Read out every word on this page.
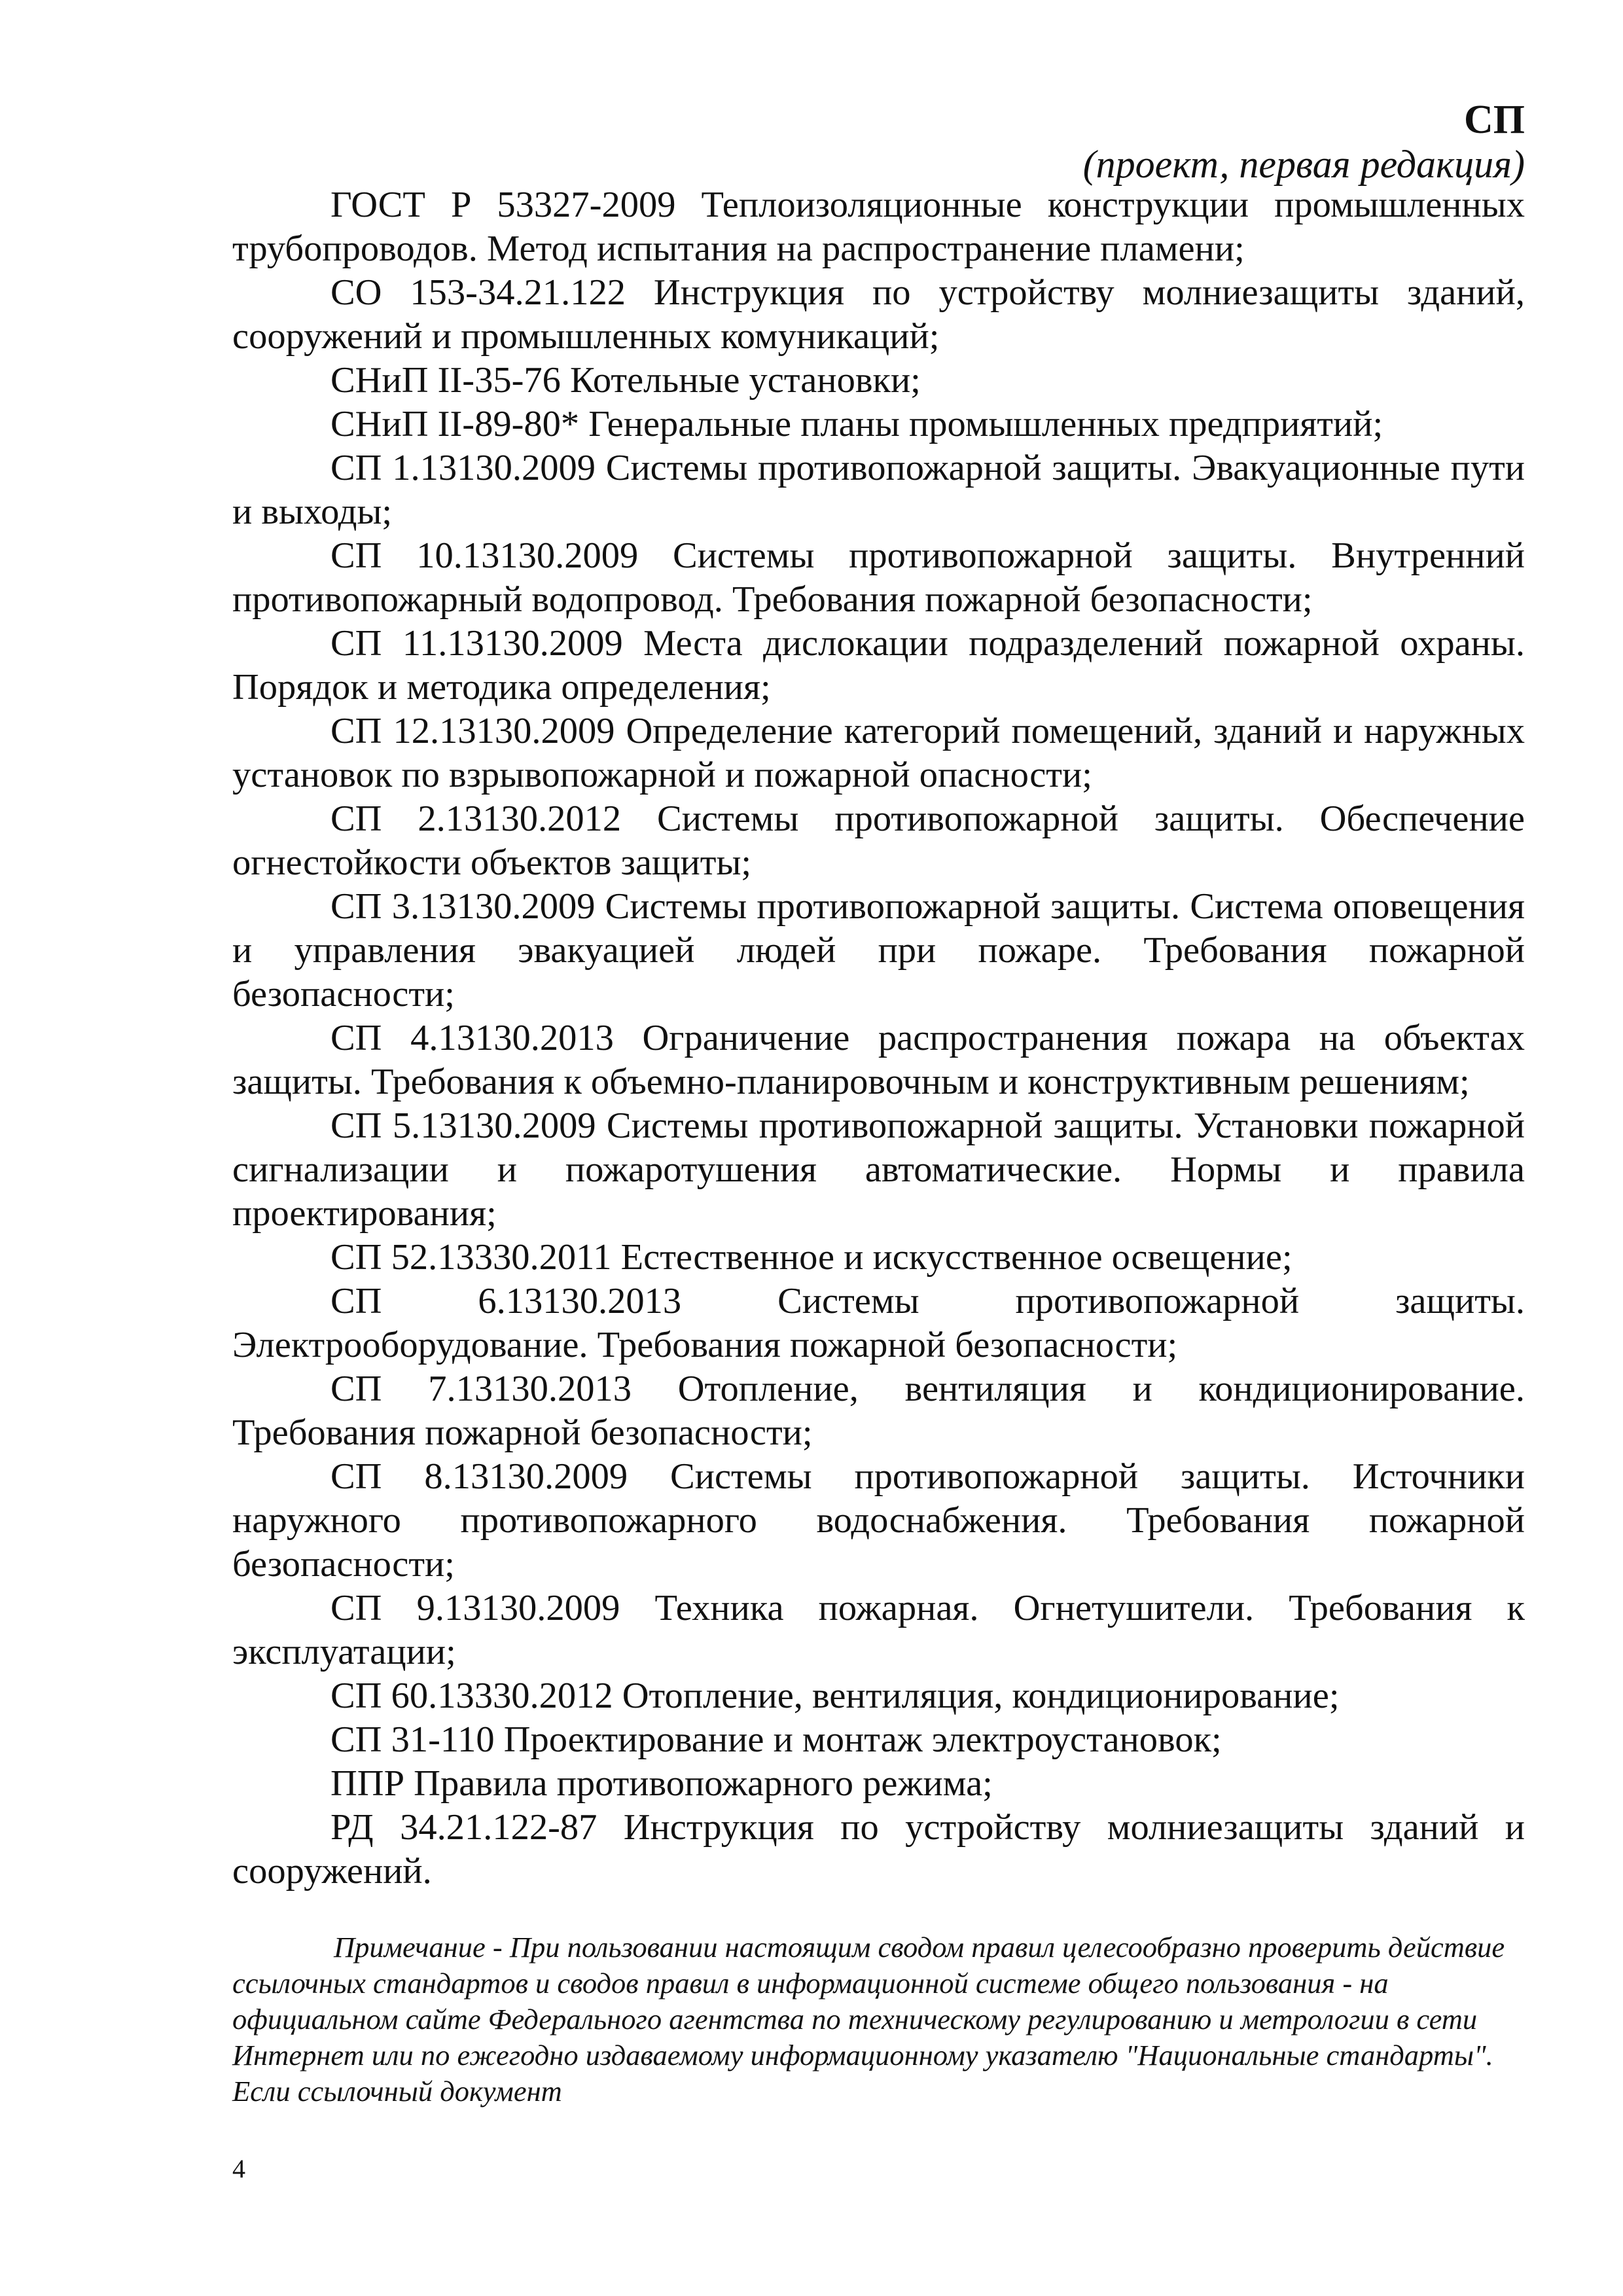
СП
(проект, первая редакция)
ГОСТ Р 53327-2009 Теплоизоляционные конструкции промышленных трубопроводов. Метод испытания на распространение пламени;
СО 153-34.21.122 Инструкция по устройству молниезащиты зданий, сооружений и промышленных комуникаций;
СНиП II-35-76 Котельные установки;
СНиП II-89-80* Генеральные планы промышленных предприятий;
СП 1.13130.2009 Системы противопожарной защиты. Эвакуационные пути и выходы;
СП 10.13130.2009 Системы противопожарной защиты. Внутренний противопожарный водопровод. Требования пожарной безопасности;
СП 11.13130.2009 Места дислокации подразделений пожарной охраны. Порядок и методика определения;
СП 12.13130.2009 Определение категорий помещений, зданий и наружных установок по взрывопожарной и пожарной опасности;
СП 2.13130.2012 Системы противопожарной защиты. Обеспечение огнестойкости объектов защиты;
СП 3.13130.2009 Системы противопожарной защиты. Система оповещения и управления эвакуацией людей при пожаре. Требования пожарной безопасности;
СП 4.13130.2013 Ограничение распространения пожара на объектах защиты. Требования к объемно-планировочным и конструктивным решениям;
СП 5.13130.2009 Системы противопожарной защиты. Установки пожарной сигнализации и пожаротушения автоматические. Нормы и правила проектирования;
СП 52.13330.2011 Естественное и искусственное освещение;
СП 6.13130.2013 Системы противопожарной защиты. Электрооборудование. Требования пожарной безопасности;
СП 7.13130.2013 Отопление, вентиляция и кондиционирование. Требования пожарной безопасности;
СП 8.13130.2009 Системы противопожарной защиты. Источники наружного противопожарного водоснабжения. Требования пожарной безопасности;
СП 9.13130.2009 Техника пожарная. Огнетушители. Требования к эксплуатации;
СП 60.13330.2012 Отопление, вентиляция, кондиционирование;
СП 31-110 Проектирование и монтаж электроустановок;
ППР Правила противопожарного режима;
РД 34.21.122-87 Инструкция по устройству молниезащиты зданий и сооружений.

Примечание - При пользовании настоящим сводом правил целесообразно проверить действие ссылочных стандартов и сводов правил в информационной системе общего пользования - на официальном сайте Федерального агентства по техническому регулированию и метрологии в сети Интернет или по ежегодно издаваемому информационному указателю "Национальные стандарты". Если ссылочный документ

4
